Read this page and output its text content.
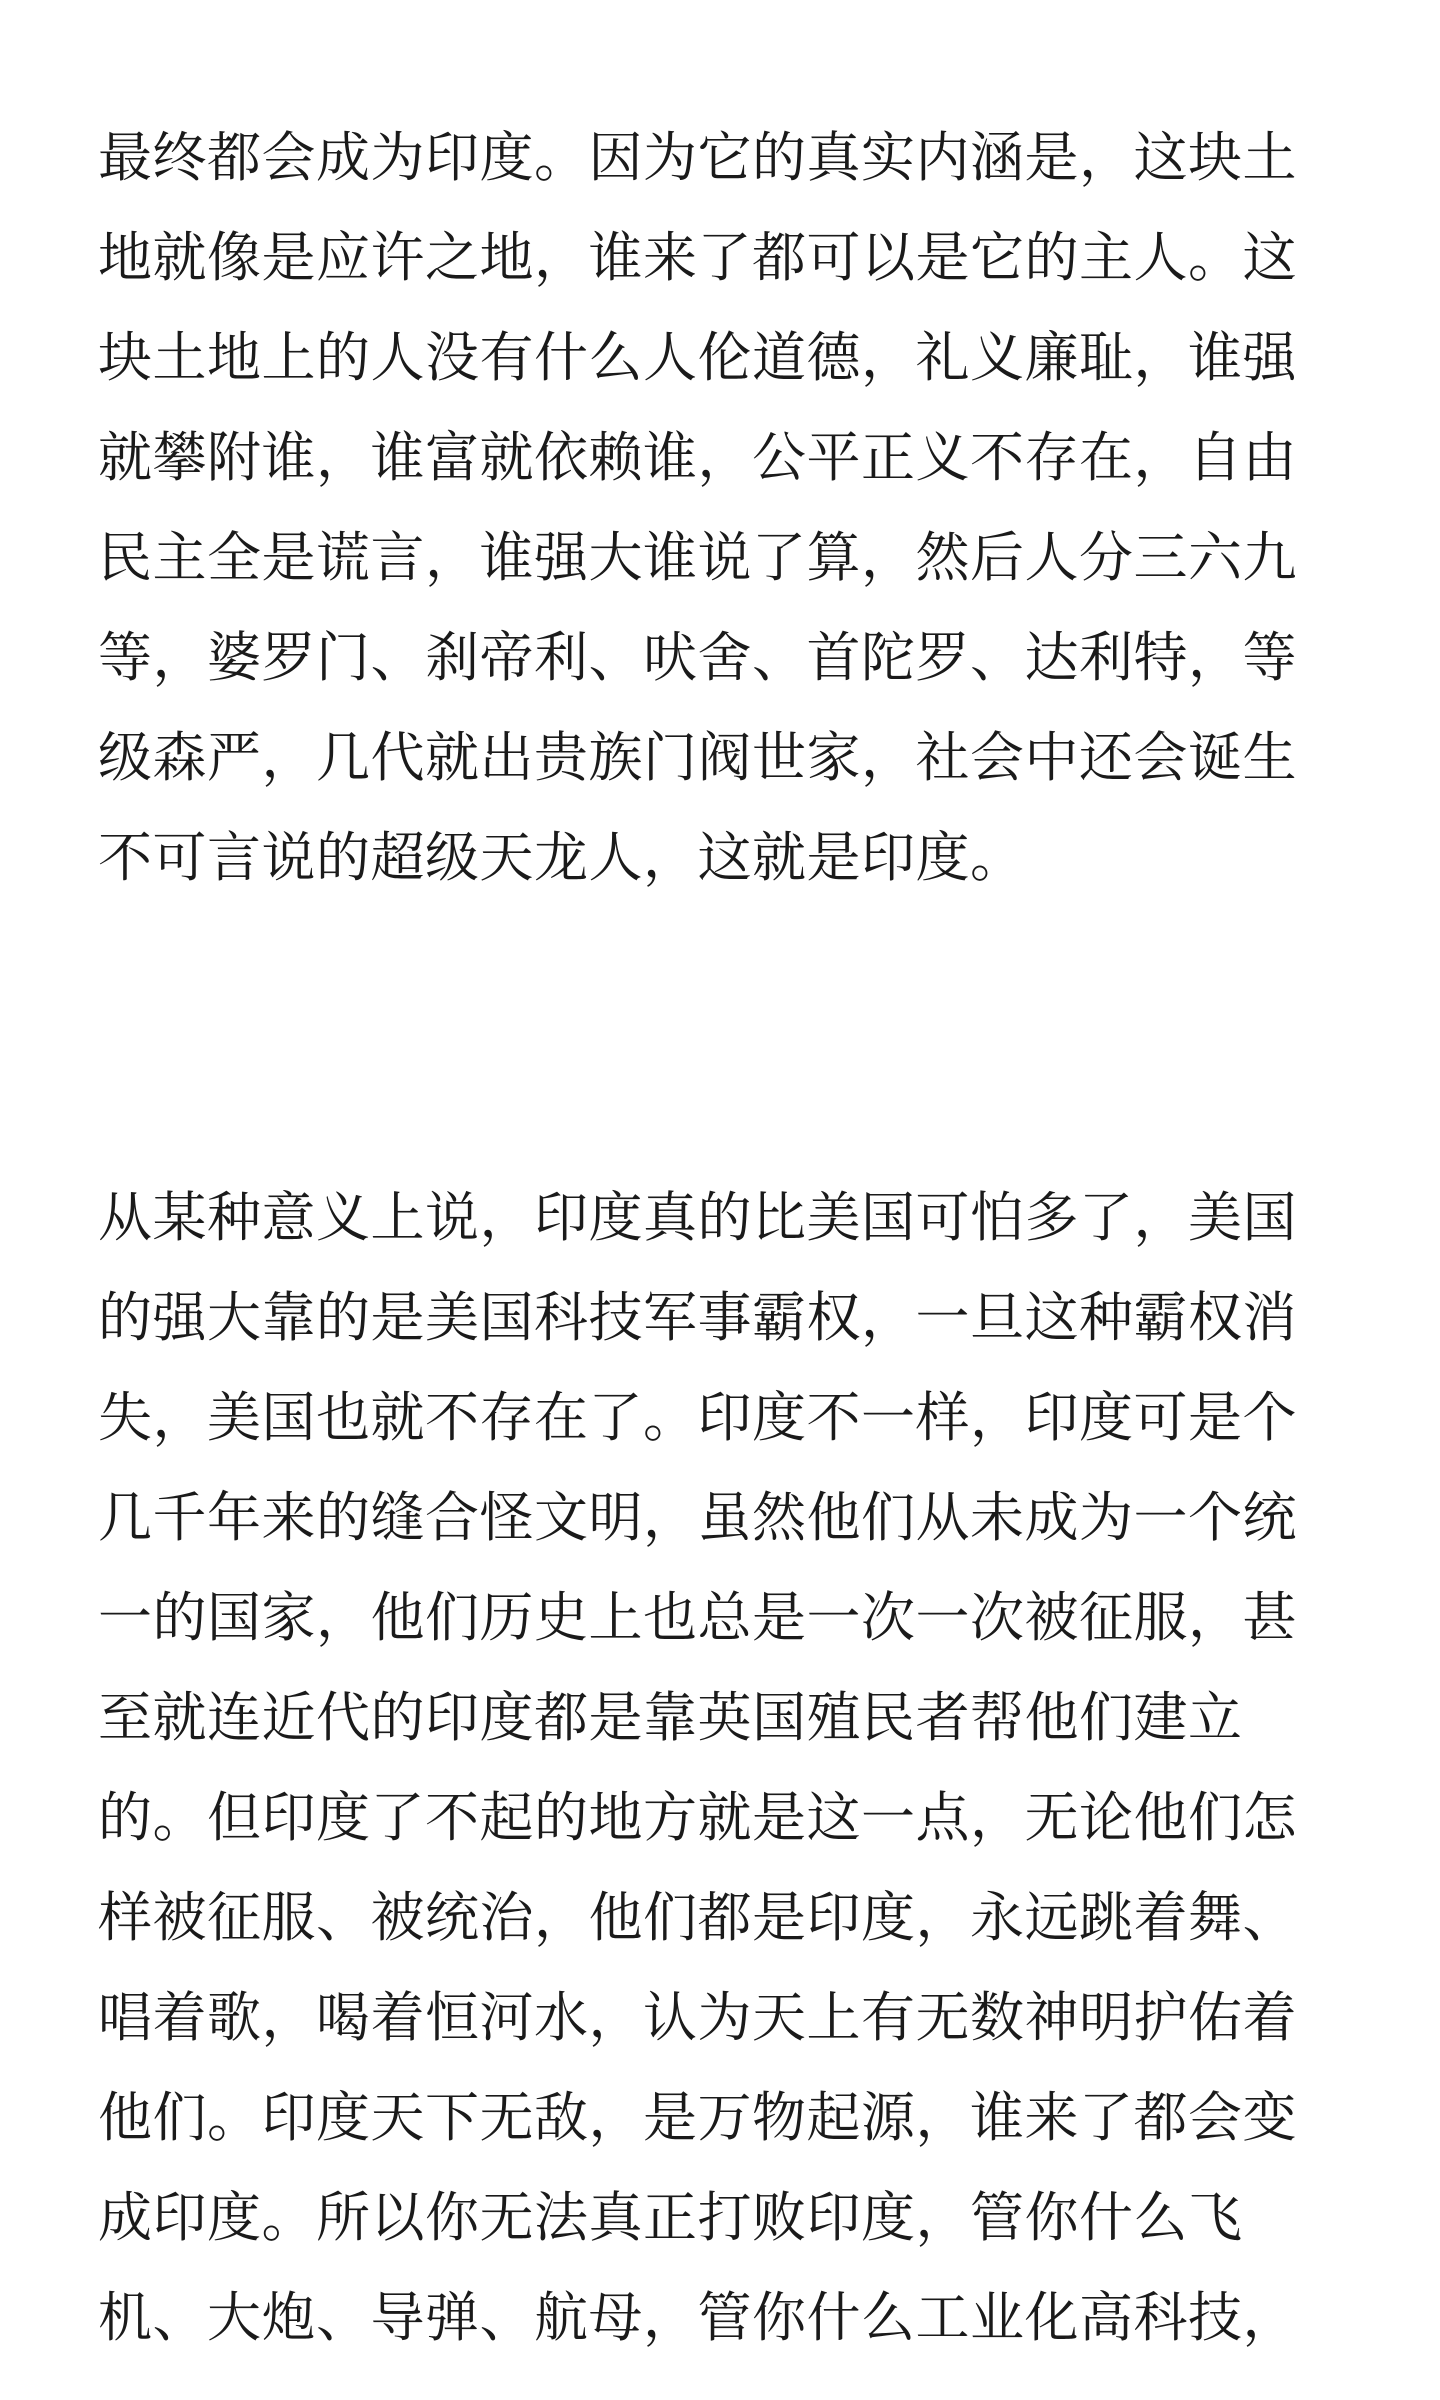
最终都会成为印度。因为它的真实内涵是，这块土
地就像是应许之地，谁来了都可以是它的主人。这
块土地上的人没有什么人伦道德，礼义廉耻，谁强
就攀附谁，谁富就依赖谁，公平正义不存在，自由
民主全是谎言，谁强大谁说了算，然后人分三六九
等，婆罗门、刹帝利、吠舍、首陀罗、达利特，等
级森严，几代就出贵族门阀世家，社会中还会诞生
不可言说的超级天龙人，这就是印度。
从某种意义上说，印度真的比美国可怕多了，美国
的强大靠的是美国科技军事霸权，一旦这种霸权消
失，美国也就不存在了。印度不一样，印度可是个
几千年来的缝合怪文明，虽然他们从未成为一个统
一的国家，他们历史上也总是一次一次被征服，甚
至就连近代的印度都是靠英国殖民者帮他们建立
的。但印度了不起的地方就是这一点，无论他们怎
样被征服、被统治，他们都是印度，永远跳着舞、
唱着歌，喝着恒河水，认为天上有无数神明护佑着
他们。印度天下无敌，是万物起源，谁来了都会变
成印度。所以你无法真正打败印度，管你什么飞
机、大炮、导弹、航母，管你什么工业化高科技，
